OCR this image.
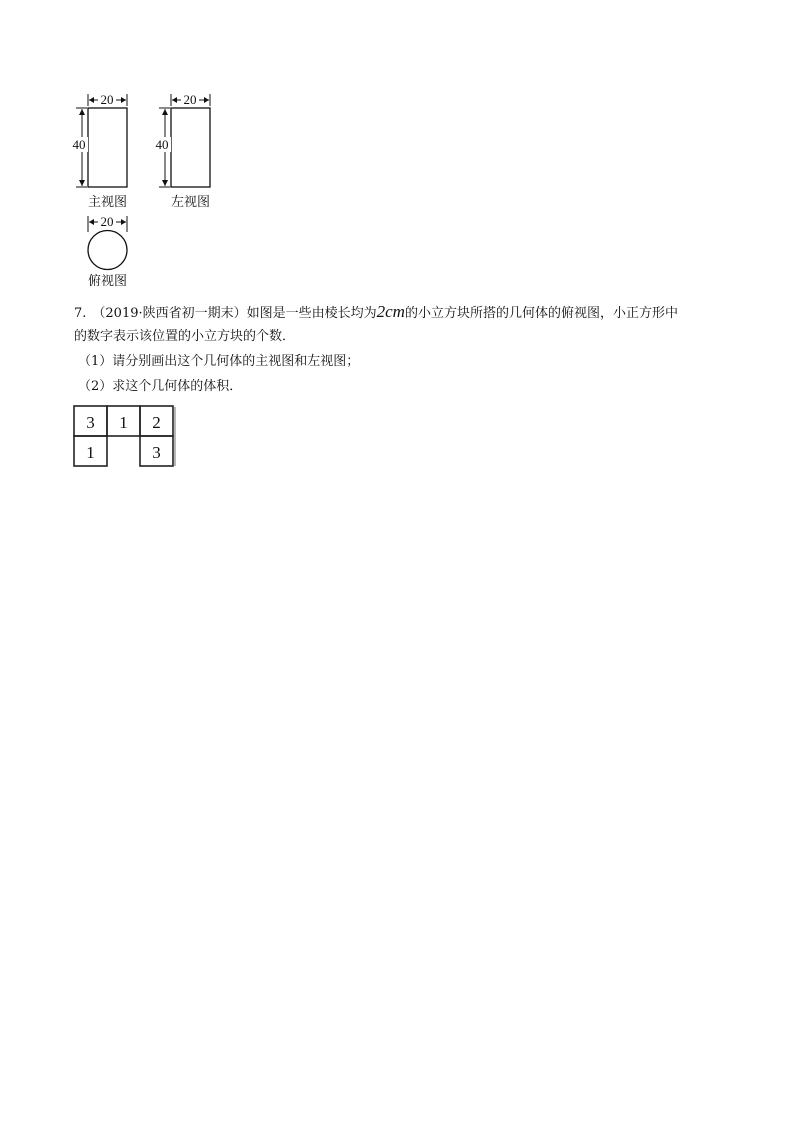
20
40
20
40
20
主视图	左视图
俯视图
7. （2019·陕西省初一期末）如图是一些由棱长均为2cm的小立方块所搭的几何体的俯视图，小正方形中
的数字表示该位置的小立方块的个数．
（1）请分别画出这个几何体的主视图和左视图；
（2）求这个几何体的体积．
3 1 2
1	3
